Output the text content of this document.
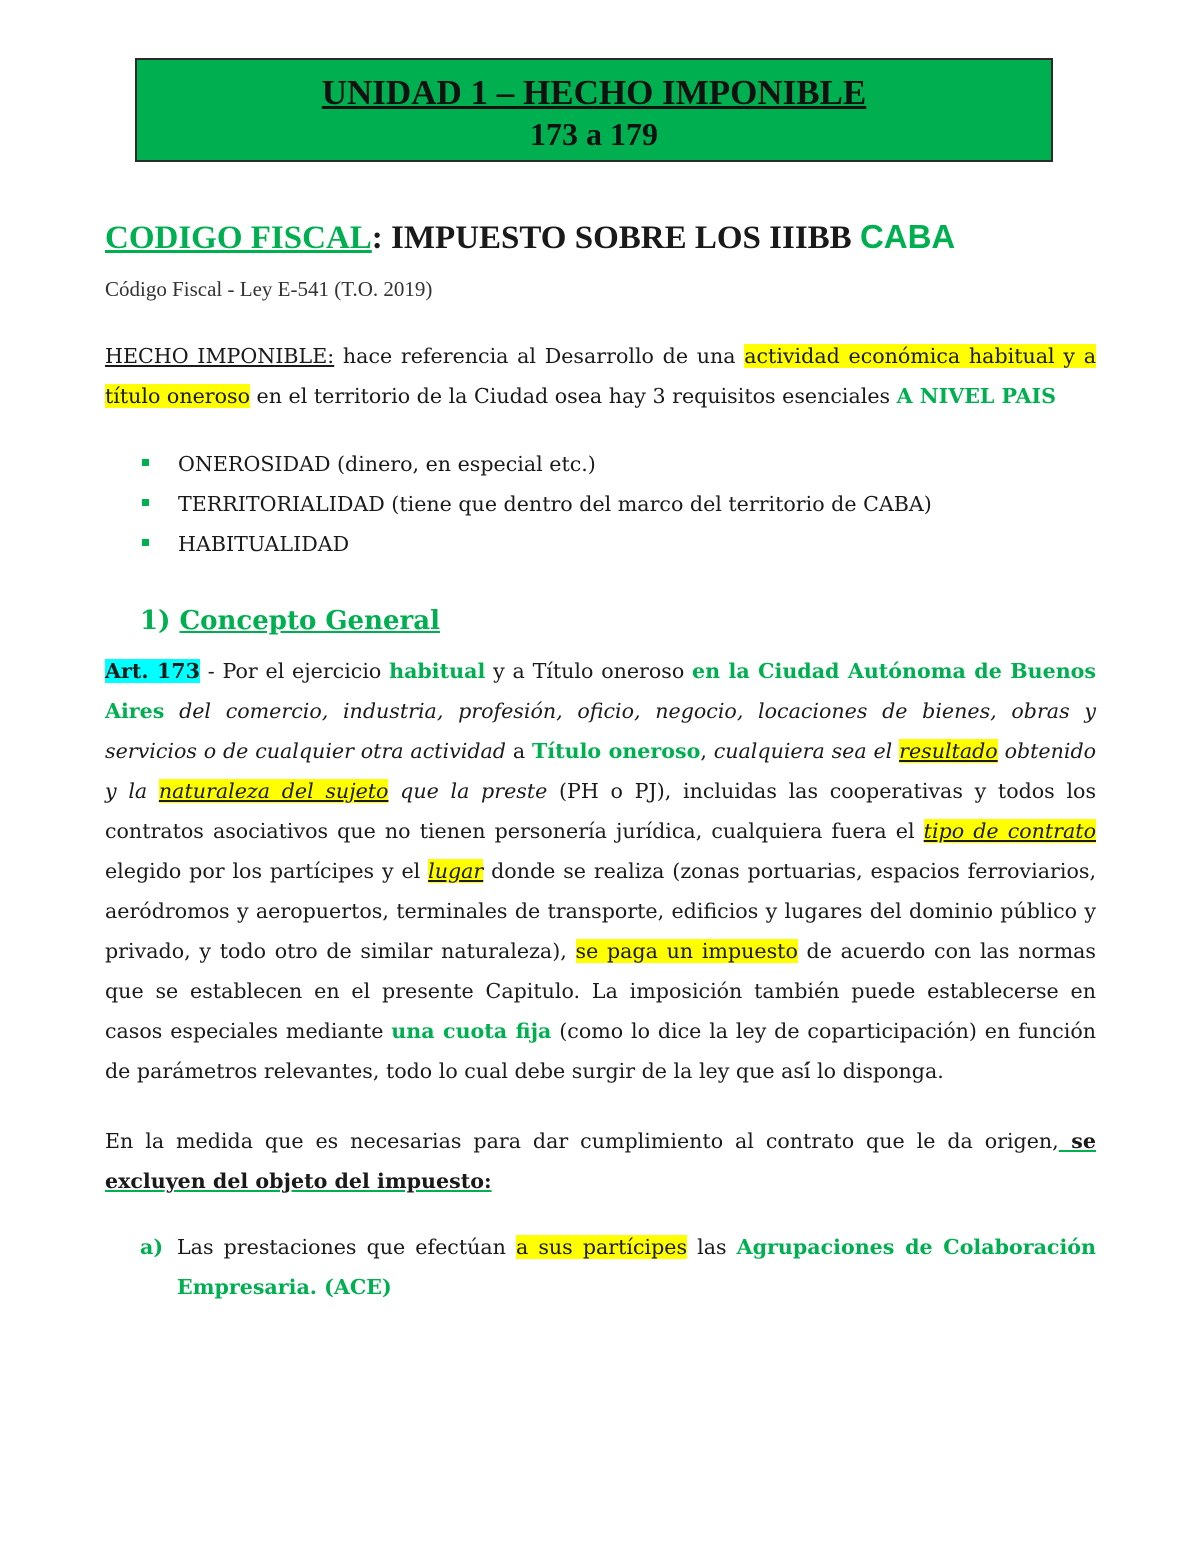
UNIDAD 1 – HECHO IMPONIBLE
173 a 179
CODIGO FISCAL: IMPUESTO SOBRE LOS IIIBB CABA
Código Fiscal - Ley E-541 (T.O. 2019)
HECHO IMPONIBLE: hace referencia al Desarrollo de una actividad económica habitual y a título oneroso en el territorio de la Ciudad osea hay 3 requisitos esenciales A NIVEL PAIS
ONEROSIDAD (dinero, en especial etc.)
TERRITORIALIDAD (tiene que dentro del marco del territorio de CABA)
HABITUALIDAD
1) Concepto General
Art. 173 - Por el ejercicio habitual y a Título oneroso en la Ciudad Autónoma de Buenos Aires del comercio, industria, profesión, oficio, negocio, locaciones de bienes, obras y servicios o de cualquier otra actividad a Título oneroso, cualquiera sea el resultado obtenido y la naturaleza del sujeto que la preste (PH o PJ), incluidas las cooperativas y todos los contratos asociativos que no tienen personería jurídica, cualquiera fuera el tipo de contrato elegido por los partícipes y el lugar donde se realiza (zonas portuarias, espacios ferroviarios, aeródromos y aeropuertos, terminales de transporte, edificios y lugares del dominio público y privado, y todo otro de similar naturaleza), se paga un impuesto de acuerdo con las normas que se establecen en el presente Capitulo. La imposición también puede establecerse en casos especiales mediante una cuota fija (como lo dice la ley de coparticipación) en función de parámetros relevantes, todo lo cual debe surgir de la ley que así́ lo disponga.
En la medida que es necesarias para dar cumplimiento al contrato que le da origen, se excluyen del objeto del impuesto:
a) Las prestaciones que efectúan a sus partícipes las Agrupaciones de Colaboración Empresaria. (ACE)
